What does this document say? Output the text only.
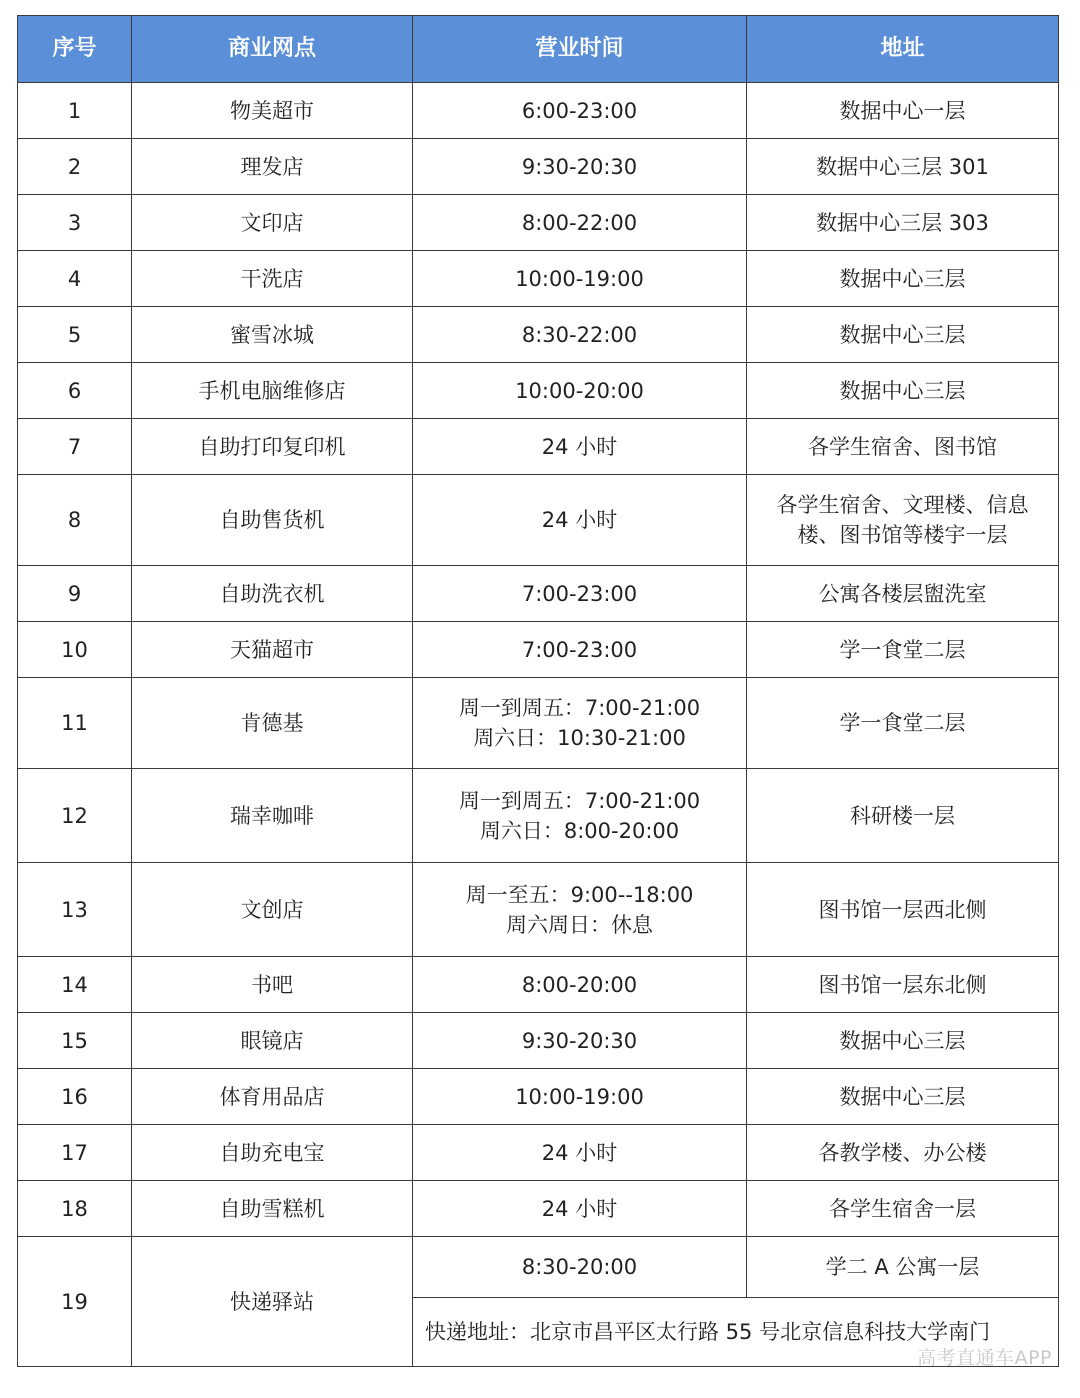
序号	商业网点	营业时间	地址
1	物美超市	6:00-23:00	数据中心一层

2	理发店	9:30-20:30	数据中心三层 301

3	文印店	8:00-22:00	数据中心三层 303

4	干洗店	10:00-19:00	数据中心三层

5	蜜雪冰城	8:30-22:00	数据中心三层

6	手机电脑维修店	10:00-20:00	数据中心三层

7	自助打印复印机	24 小时	各学生宿舍、图书馆

8	自助售货机	24 小时	各学生宿舍、文理楼、信息
楼、图书馆等楼宇一层

9	自助洗衣机	7:00-23:00	公寓各楼层盥洗室

10	天猫超市	7:00-23:00	学一食堂二层

11	肯德基	周一到周五：7:00-21:00
周六日：10:30-21:00	学一食堂二层

12	瑞幸咖啡	周一到周五：7:00-21:00
周六日：8:00-20:00	科研楼一层

13	文创店	周一至五：9:00--18:00
周六周日：休息	图书馆一层西北侧

14	书吧	8:00-20:00	图书馆一层东北侧

15	眼镜店	9:30-20:30	数据中心三层

16	体育用品店	10:00-19:00	数据中心三层

17	自助充电宝	24 小时	各教学楼、办公楼

18	自助雪糕机	24 小时	各学生宿舍一层

19	快递驿站	8:30-20:00	学二 A 公寓一层
		快递地址：北京市昌平区太行路 55 号北京信息科技大学南门	
高考直通车APP
